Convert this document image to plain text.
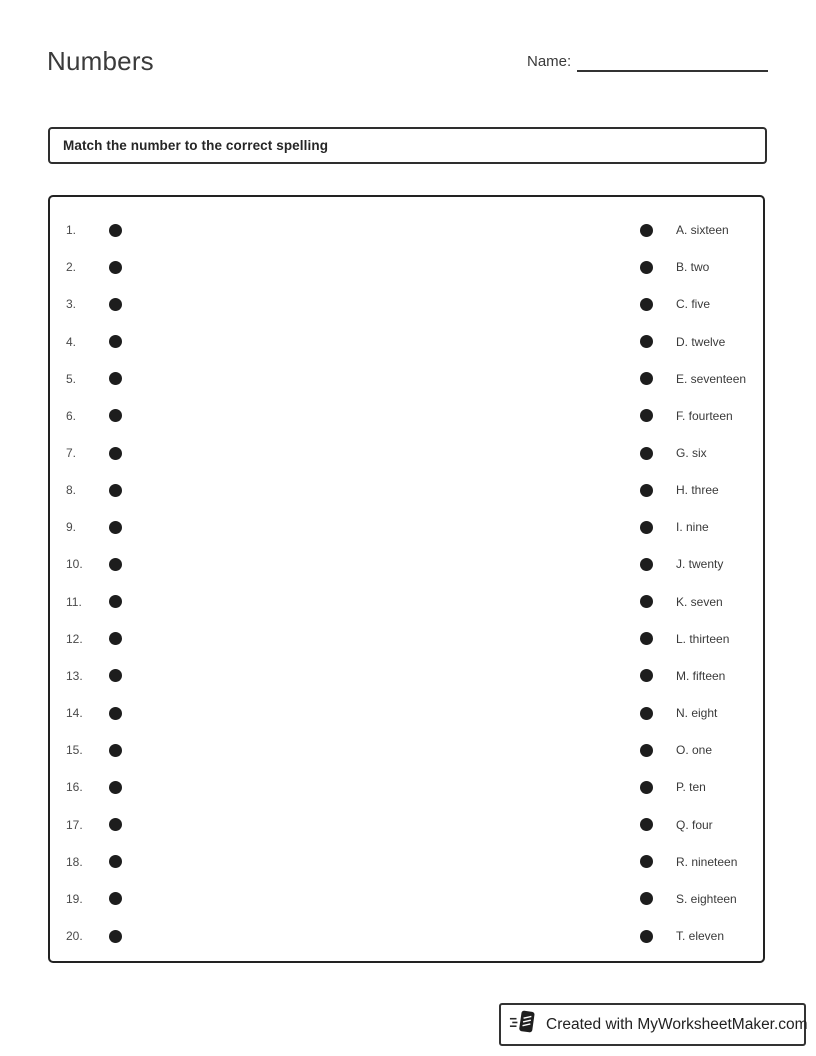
Numbers	Name:
Match the number to the correct spelling
1.	A. sixteen
2.	B. two
3.	C. five
4.	D. twelve
5.	E. seventeen
6.	F. fourteen
7.	G. six
8.	H. three
9.	I. nine
10.	J. twenty
11.	K. seven
12.	L. thirteen
13.	M. fifteen
14.	N. eight
15.	O. one
16.	P. ten
17.	Q. four
18.	R. nineteen
19.	S. eighteen
20.	T. eleven
Created with MyWorksheetMaker.com
